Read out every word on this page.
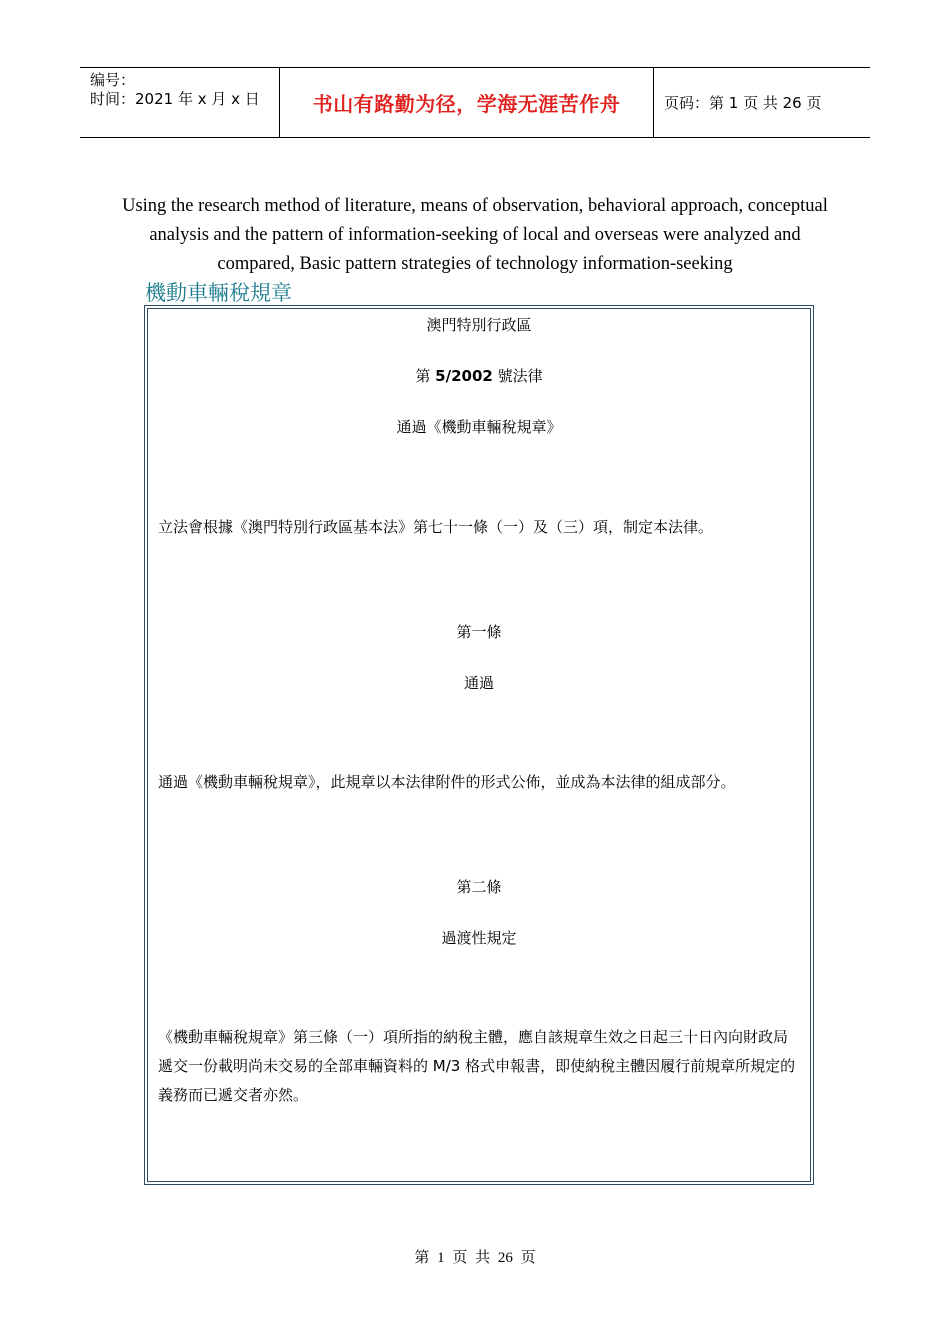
编号：
时间：2021 年 x 月 x 日	书山有路勤为径，学海无涯苦作舟	页码：第 1 页 共 26 页
Using the research method of literature, means of observation, behavioral approach, conceptual analysis and the pattern of information-seeking of local and overseas were analyzed and compared, Basic pattern strategies of technology information-seeking
機動車輛稅規章
澳門特別行政區
第 5/2002 號法律
通過《機動車輛稅規章》
立法會根據《澳門特別行政區基本法》第七十一條（一）及（三）項，制定本法律。
第一條
通過
通過《機動車輛稅規章》，此規章以本法律附件的形式公佈，並成為本法律的組成部分。
第二條
過渡性規定
《機動車輛稅規章》第三條（一）項所指的納稅主體，應自該規章生效之日起三十日內向財政局遞交一份載明尚未交易的全部車輛資料的 M/3 格式申報書，即使納稅主體因履行前規章所規定的義務而已遞交者亦然。
第 1 页 共 26 页
